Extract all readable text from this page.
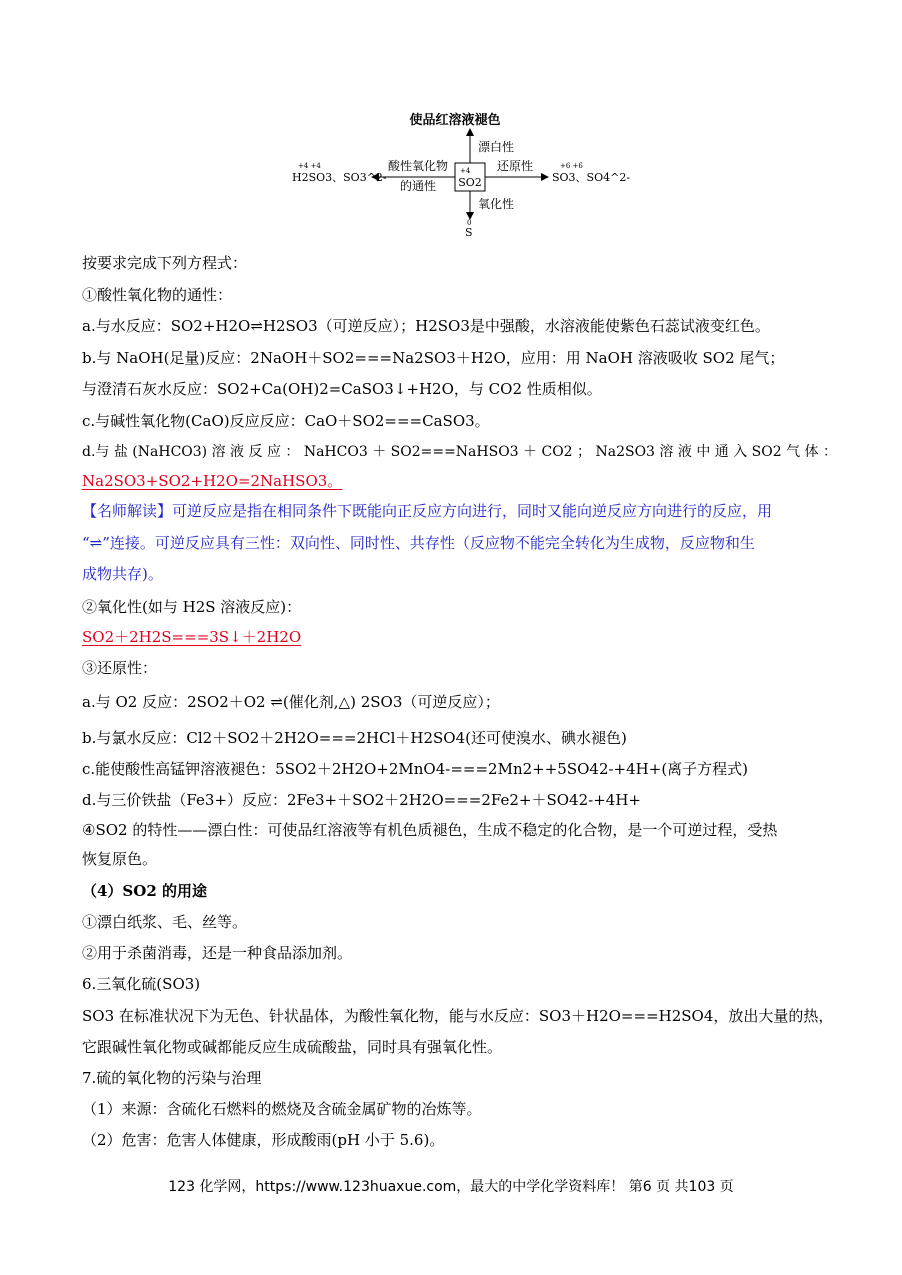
使品红溶液褪色
漂白性
+4
SO2
酸性氧化物
的通性
+4 +4
H2SO3、SO3^2-
还原性	+6 +6
SO3、SO4^2-
氧化性
0
S
按要求完成下列方程式：
①酸性氧化物的通性：
a.与水反应：SO2+H2O⇌H2SO3（可逆反应）；H2SO3是中强酸，水溶液能使紫色石蕊试液变红色。
b.与 NaOH(足量)反应：2NaOH＋SO2===Na2SO3＋H2O，应用：用 NaOH 溶液吸收 SO2 尾气；
与澄清石灰水反应：SO2+Ca(OH)2=CaSO3↓+H2O，与 CO2 性质相似。
c.与碱性氧化物(CaO)反应反应：CaO＋SO2===CaSO3。
d.与 盐 (NaHCO3) 溶 液 反 应 ： NaHCO3 ＋ SO2===NaHSO3 ＋ CO2 ； Na2SO3 溶 液 中 通 入 SO2 气 体 ：
Na2SO3+SO2+H2O=2NaHSO3。
【名师解读】可逆反应是指在相同条件下既能向正反应方向进行，同时又能向逆反应方向进行的反应，用
“⇌”连接。可逆反应具有三性：双向性、同时性、共存性（反应物不能完全转化为生成物，反应物和生
成物共存)。
②氧化性(如与 H2S 溶液反应)：
SO2＋2H2S===3S↓＋2H2O
③还原性：
a.与 O2 反应：2SO2＋O2 ⇌(催化剂,△) 2SO3（可逆反应）；
b.与氯水反应：Cl2＋SO2＋2H2O===2HCl＋H2SO4(还可使溴水、碘水褪色)
c.能使酸性高锰钾溶液褪色：5SO2＋2H2O+2MnO4-===2Mn2++5SO42-+4H+(离子方程式)
d.与三价铁盐（Fe3+）反应：2Fe3+＋SO2＋2H2O===2Fe2+＋SO42-+4H+
④SO2 的特性——漂白性：可使品红溶液等有机色质褪色，生成不稳定的化合物，是一个可逆过程，受热
恢复原色。
（4）SO2 的用途
①漂白纸浆、毛、丝等。
②用于杀菌消毒，还是一种食品添加剂。
6.三氧化硫(SO3)
SO3 在标准状况下为无色、针状晶体，为酸性氧化物，能与水反应：SO3＋H2O===H2SO4，放出大量的热，
它跟碱性氧化物或碱都能反应生成硫酸盐，同时具有强氧化性。
7.硫的氧化物的污染与治理
（1）来源：含硫化石燃料的燃烧及含硫金属矿物的冶炼等。
（2）危害：危害人体健康，形成酸雨(pH 小于 5.6)。
123 化学网，https://www.123huaxue.com，最大的中学化学资料库！ 第6 页 共103 页
